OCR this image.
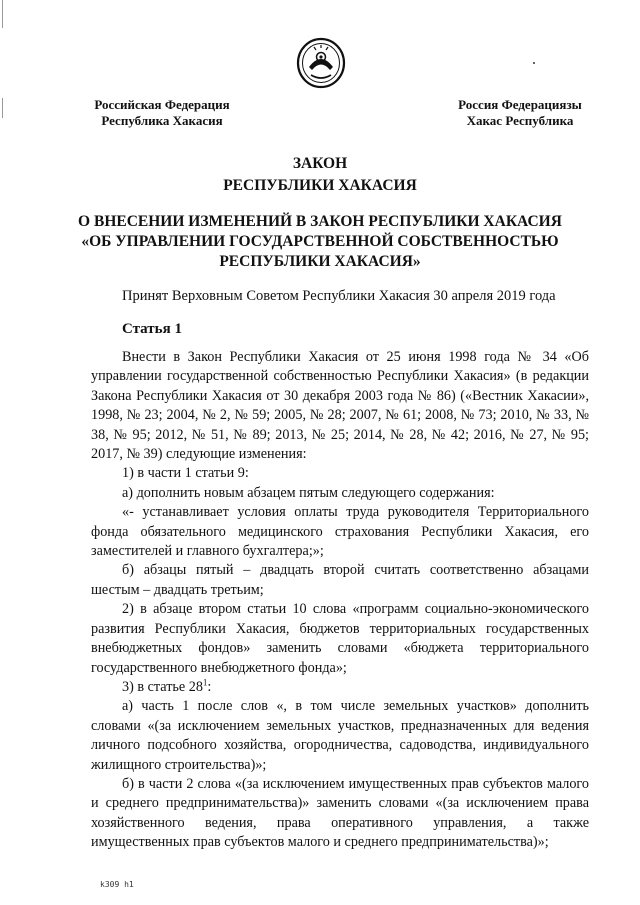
Российская Федерация
Республика Хакасия
Россия Федерациязы
Хакас Республика
ЗАКОН
РЕСПУБЛИКИ ХАКАСИЯ
О ВНЕСЕНИИ ИЗМЕНЕНИЙ В ЗАКОН РЕСПУБЛИКИ ХАКАСИЯ
«ОБ УПРАВЛЕНИИ ГОСУДАРСТВЕННОЙ СОБСТВЕННОСТЬЮ
РЕСПУБЛИКИ ХАКАСИЯ»
Принят Верховным Советом Республики Хакасия 30 апреля 2019 года
Статья 1

Внести в Закон Республики Хакасия от 25 июня 1998 года № 34 «Об управлении государственной собственностью Республики Хакасия» (в редакции Закона Республики Хакасия от 30 декабря 2003 года № 86) («Вестник Хакасии», 1998, № 23; 2004, № 2, № 59; 2005, № 28; 2007, № 61; 2008, № 73; 2010, № 33, № 38, № 95; 2012, № 51, № 89; 2013, № 25; 2014, № 28, № 42; 2016, № 27, № 95; 2017, № 39) следующие изменения:

1) в части 1 статьи 9:

а) дополнить новым абзацем пятым следующего содержания:

«- устанавливает условия оплаты труда руководителя Территориального фонда обязательного медицинского страхования Республики Хакасия, его заместителей и главного бухгалтера;»;

б) абзацы пятый – двадцать второй считать соответственно абзацами шестым – двадцать третьим;

2) в абзаце втором статьи 10 слова «программ социально-экономического развития Республики Хакасия, бюджетов территориальных государственных внебюджетных фондов» заменить словами «бюджета территориального государственного внебюджетного фонда»;

3) в статье $28^1$:

а) часть 1 после слов «, в том числе земельных участков» дополнить словами «(за исключением земельных участков, предназначенных для ведения личного подсобного хозяйства, огородничества, садоводства, индивидуального жилищного строительства)»;

б) в части 2 слова «(за исключением имущественных прав субъектов малого и среднего предпринимательства)» заменить словами «(за исключением права хозяйственного ведения, права оперативного управления, а также имущественных прав субъектов малого и среднего предпринимательства)»;

k309 h1
